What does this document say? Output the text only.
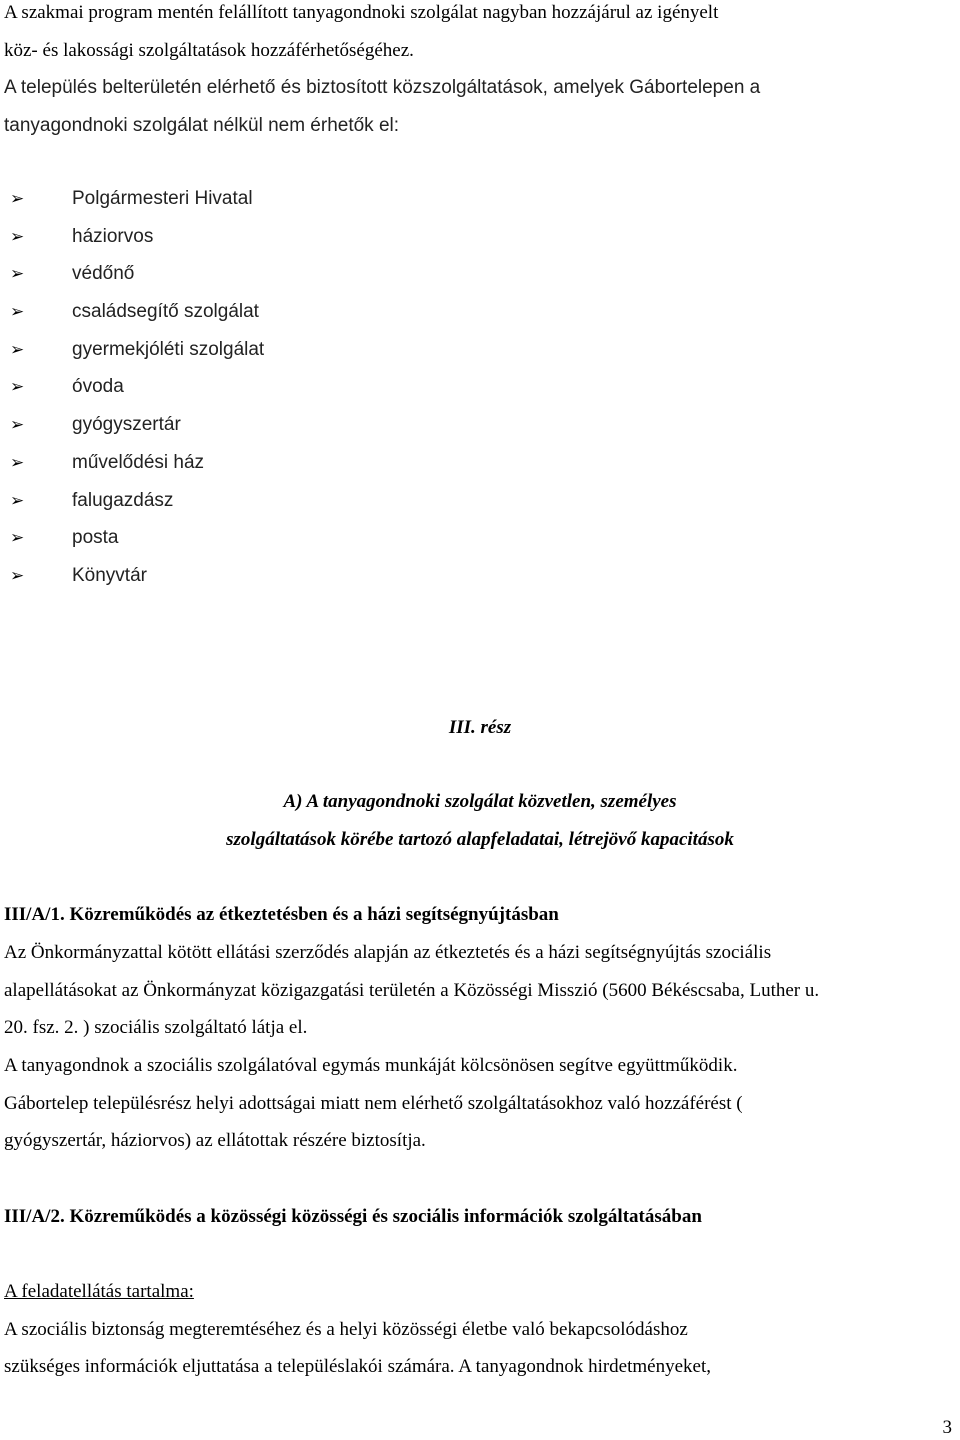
A szakmai program mentén felállított tanyagondnoki szolgálat nagyban hozzájárul az igényelt
köz- és lakossági szolgáltatások hozzáférhetőségéhez.
A település belterületén elérhető és biztosított közszolgáltatások, amelyek Gábortelepen a
tanyagondnoki szolgálat nélkül nem érhetők el:
➢	Polgármesteri Hivatal
➢	háziorvos
➢	védőnő
➢	családsegítő szolgálat
➢	gyermekjóléti szolgálat
➢	óvoda
➢	gyógyszertár
➢	művelődési ház
➢	falugazdász
➢	posta
➢	Könyvtár
III. rész
A) A tanyagondnoki szolgálat közvetlen, személyes
szolgáltatások körébe tartozó alapfeladatai, létrejövő kapacitások
III/A/1. Közreműködés az étkeztetésben és a házi segítségnyújtásban
Az Önkormányzattal kötött ellátási szerződés alapján az étkeztetés és a házi segítségnyújtás szociális
alapellátásokat az Önkormányzat közigazgatási területén a Közösségi Misszió (5600 Békéscsaba, Luther u.
20. fsz. 2. ) szociális szolgáltató látja el.
A tanyagondnok a szociális szolgálatóval egymás munkáját kölcsönösen segítve együttműködik.
Gábortelep településrész helyi adottságai miatt nem elérhető szolgáltatásokhoz való hozzáférést (
gyógyszertár, háziorvos) az ellátottak részére biztosítja.
III/A/2. Közreműködés a közösségi közösségi és szociális információk szolgáltatásában
A feladatellátás tartalma:
A szociális biztonság megteremtéséhez és a helyi közösségi életbe való bekapcsolódáshoz
szükséges információk eljuttatása a településlakói számára. A tanyagondnok hirdetményeket,
3
